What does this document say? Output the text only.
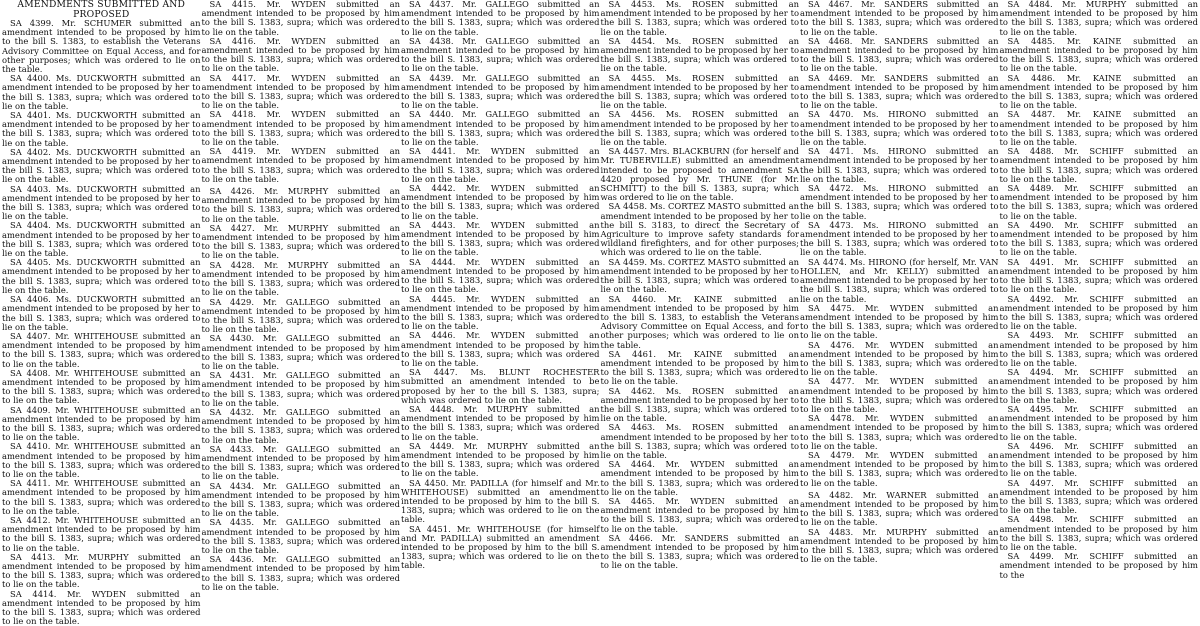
AMENDMENTS SUBMITTED AND PROPOSED

SA 4399. Mr. SCHUMER submitted an amendment intended to be proposed by him to the bill S. 1383, to establish the Veterans Advisory Committee on Equal Access, and for other purposes; which was ordered to lie on the table.

SA 4400. Ms. DUCKWORTH submitted an amendment intended to be proposed by her to the bill S. 1383, supra; which was ordered to lie on the table.

SA 4401. Ms. DUCKWORTH submitted an amendment intended to be proposed by her to the bill S. 1383, supra; which was ordered to lie on the table.

SA 4402. Ms. DUCKWORTH submitted an amendment intended to be proposed by her to the bill S. 1383, supra; which was ordered to lie on the table.

SA 4403. Ms. DUCKWORTH submitted an amendment intended to be proposed by her to the bill S. 1383, supra; which was ordered to lie on the table.

SA 4404. Ms. DUCKWORTH submitted an amendment intended to be proposed by her to the bill S. 1383, supra; which was ordered to lie on the table.

SA 4405. Ms. DUCKWORTH submitted an amendment intended to be proposed by her to the bill S. 1383, supra; which was ordered to lie on the table.

SA 4406. Ms. DUCKWORTH submitted an amendment intended to be proposed by her to the bill S. 1383, supra; which was ordered to lie on the table.

SA 4407. Mr. WHITEHOUSE submitted an amendment intended to be proposed by him to the bill S. 1383, supra; which was ordered to lie on the table.

SA 4408. Mr. WHITEHOUSE submitted an amendment intended to be proposed by him to the bill S. 1383, supra; which was ordered to lie on the table.

SA 4409. Mr. WHITEHOUSE submitted an amendment intended to be proposed by him to the bill S. 1383, supra; which was ordered to lie on the table.

SA 4410. Mr. WHITEHOUSE submitted an amendment intended to be proposed by him to the bill S. 1383, supra; which was ordered to lie on the table.

SA 4411. Mr. WHITEHOUSE submitted an amendment intended to be proposed by him to the bill S. 1383, supra; which was ordered to lie on the table.

SA 4412. Mr. WHITEHOUSE submitted an amendment intended to be proposed by him to the bill S. 1383, supra; which was ordered to lie on the table.

SA 4413. Mr. MURPHY submitted an amendment intended to be proposed by him to the bill S. 1383, supra; which was ordered to lie on the table.

SA 4414. Mr. WYDEN submitted an amendment intended to be proposed by him to the bill S. 1383, supra; which was ordered to lie on the table.

SA 4415. Mr. WYDEN submitted an amendment intended to be proposed by him to the bill S. 1383, supra; which was ordered to lie on the table.

SA 4416. Mr. WYDEN submitted an amendment intended to be proposed by him to the bill S. 1383, supra; which was ordered to lie on the table.

SA 4417. Mr. WYDEN submitted an amendment intended to be proposed by him to the bill S. 1383, supra; which was ordered to lie on the table.

SA 4418. Mr. WYDEN submitted an amendment intended to be proposed by him to the bill S. 1383, supra; which was ordered to lie on the table.

SA 4419. Mr. WYDEN submitted an amendment intended to be proposed by him to the bill S. 1383, supra; which was ordered to lie on the table.

SA 4426. Mr. MURPHY submitted an amendment intended to be proposed by him to the bill S. 1383, supra; which was ordered to lie on the table.

SA 4427. Mr. MURPHY submitted an amendment intended to be proposed by him to the bill S. 1383, supra; which was ordered to lie on the table.

SA 4428. Mr. MURPHY submitted an amendment intended to be proposed by him to the bill S. 1383, supra; which was ordered to lie on the table.

SA 4429. Mr. GALLEGO submitted an amendment intended to be proposed by him to the bill S. 1383, supra; which was ordered to lie on the table.

SA 4430. Mr. GALLEGO submitted an amendment intended to be proposed by him to the bill S. 1383, supra; which was ordered to lie on the table.

SA 4431. Mr. GALLEGO submitted an amendment intended to be proposed by him to the bill S. 1383, supra; which was ordered to lie on the table.

SA 4432. Mr. GALLEGO submitted an amendment intended to be proposed by him to the bill S. 1383, supra; which was ordered to lie on the table.

SA 4433. Mr. GALLEGO submitted an amendment intended to be proposed by him to the bill S. 1383, supra; which was ordered to lie on the table.

SA 4434. Mr. GALLEGO submitted an amendment intended to be proposed by him to the bill S. 1383, supra; which was ordered to lie on the table.

SA 4435. Mr. GALLEGO submitted an amendment intended to be proposed by him to the bill S. 1383, supra; which was ordered to lie on the table.

SA 4436. Mr. GALLEGO submitted an amendment intended to be proposed by him to the bill S. 1383, supra; which was ordered to lie on the table.

SA 4437. Mr. GALLEGO submitted an amendment intended to be proposed by him to the bill S. 1383, supra; which was ordered to lie on the table.

SA 4438. Mr. GALLEGO submitted an amendment intended to be proposed by him to the bill S. 1383, supra; which was ordered to lie on the table.

SA 4439. Mr. GALLEGO submitted an amendment intended to be proposed by him to the bill S. 1383, supra; which was ordered to lie on the table.

SA 4440. Mr. GALLEGO submitted an amendment intended to be proposed by him to the bill S. 1383, supra; which was ordered to lie on the table.

SA 4441. Mr. WYDEN submitted an amendment intended to be proposed by him to the bill S. 1383, supra; which was ordered to lie on the table.

SA 4442. Mr. WYDEN submitted an amendment intended to be proposed by him to the bill S. 1383, supra; which was ordered to lie on the table.

SA 4443. Mr. WYDEN submitted an amendment intended to be proposed by him to the bill S. 1383, supra; which was ordered to lie on the table.

SA 4444. Mr. WYDEN submitted an amendment intended to be proposed by him to the bill S. 1383, supra; which was ordered to lie on the table.

SA 4445. Mr. WYDEN submitted an amendment intended to be proposed by him to the bill S. 1383, supra; which was ordered to lie on the table.

SA 4446. Mr. WYDEN submitted an amendment intended to be proposed by him to the bill S. 1383, supra; which was ordered to lie on the table.

SA 4447. Ms. BLUNT ROCHESTER submitted an amendment intended to be proposed by her to the bill S. 1383, supra; which was ordered to lie on the table.

SA 4448. Mr. MURPHY submitted an amendment intended to be proposed by him to the bill S. 1383, supra; which was ordered to lie on the table.

SA 4449. Mr. MURPHY submitted an amendment intended to be proposed by him to the bill S. 1383, supra; which was ordered to lie on the table.

SA 4450. Mr. PADILLA (for himself and Mr. WHITEHOUSE) submitted an amendment intended to be proposed by him to the bill S. 1383, supra; which was ordered to lie on the table.

SA 4451. Mr. WHITEHOUSE (for himself and Mr. PADILLA) submitted an amendment intended to be proposed by him to the bill S. 1383, supra; which was ordered to lie on the table.

SA 4453. Ms. ROSEN submitted an amendment intended to be proposed by her to the bill S. 1383, supra; which was ordered to lie on the table.

SA 4454. Ms. ROSEN submitted an amendment intended to be proposed by her to the bill S. 1383, supra; which was ordered to lie on the table.

SA 4455. Ms. ROSEN submitted an amendment intended to be proposed by her to the bill S. 1383, supra; which was ordered to lie on the table.

SA 4456. Ms. ROSEN submitted an amendment intended to be proposed by her to the bill S. 1383, supra; which was ordered to lie on the table.

SA 4457. Mrs. BLACKBURN (for herself and Mr. TUBERVILLE) submitted an amendment intended to be proposed to amendment SA 4420 proposed by Mr. THUNE (for Mr. SCHMITT) to the bill S. 1383, supra; which was ordered to lie on the table.

SA 4458. Ms. CORTEZ MASTO submitted an amendment intended to be proposed by her to the bill S. 3183, to direct the Secretary of Agriculture to improve safety standards for wildland firefighters, and for other purposes; which was ordered to lie on the table.

SA 4459. Ms. CORTEZ MASTO submitted an amendment intended to be proposed by her to the bill S. 1383, supra; which was ordered to lie on the table.

SA 4460. Mr. KAINE submitted an amendment intended to be proposed by him to the bill S. 1383, to establish the Veterans Advisory Committee on Equal Access, and for other purposes; which was ordered to lie on the table.

SA 4461. Mr. KAINE submitted an amendment intended to be proposed by him to the bill S. 1383, supra; which was ordered to lie on the table.

SA 4462. Ms. ROSEN submitted an amendment intended to be proposed by her to the bill S. 1383, supra; which was ordered to lie on the table.

SA 4463. Ms. ROSEN submitted an amendment intended to be proposed by her to the bill S. 1383, supra; which was ordered to lie on the table.

SA 4464. Mr. WYDEN submitted an amendment intended to be proposed by him to the bill S. 1383, supra; which was ordered to lie on the table.

SA 4465. Mr. WYDEN submitted an amendment intended to be proposed by him to the bill S. 1383, supra; which was ordered to lie on the table.

SA 4466. Mr. SANDERS submitted an amendment intended to be proposed by him to the bill S. 1383, supra; which was ordered to lie on the table.

SA 4467. Mr. SANDERS submitted an amendment intended to be proposed by him to the bill S. 1383, supra; which was ordered to lie on the table.

SA 4468. Mr. SANDERS submitted an amendment intended to be proposed by him to the bill S. 1383, supra; which was ordered to lie on the table.

SA 4469. Mr. SANDERS submitted an amendment intended to be proposed by him to the bill S. 1383, supra; which was ordered to lie on the table.

SA 4470. Ms. HIRONO submitted an amendment intended to be proposed by her to the bill S. 1383, supra; which was ordered to lie on the table.

SA 4471. Ms. HIRONO submitted an amendment intended to be proposed by her to the bill S. 1383, supra; which was ordered to lie on the table.

SA 4472. Ms. HIRONO submitted an amendment intended to be proposed by her to the bill S. 1383, supra; which was ordered to lie on the table.

SA 4473. Ms. HIRONO submitted an amendment intended to be proposed by her to the bill S. 1383, supra; which was ordered to lie on the table.

SA 4474. Ms. HIRONO (for herself, Mr. VAN HOLLEN, and Mr. KELLY) submitted an amendment intended to be proposed by her to the bill S. 1383, supra; which was ordered to lie on the table.

SA 4475. Mr. WYDEN submitted an amendment intended to be proposed by him to the bill S. 1383, supra; which was ordered to lie on the table.

SA 4476. Mr. WYDEN submitted an amendment intended to be proposed by him to the bill S. 1383, supra; which was ordered to lie on the table.

SA 4477. Mr. WYDEN submitted an amendment intended to be proposed by him to the bill S. 1383, supra; which was ordered to lie on the table.

SA 4478. Mr. WYDEN submitted an amendment intended to be proposed by him to the bill S. 1383, supra; which was ordered to lie on the table.

SA 4479. Mr. WYDEN submitted an amendment intended to be proposed by him to the bill S. 1383, supra; which was ordered to lie on the table.

SA 4482. Mr. WARNER submitted an amendment intended to be proposed by him to the bill S. 1383, supra; which was ordered to lie on the table.

SA 4483. Mr. MURPHY submitted an amendment intended to be proposed by him to the bill S. 1383, supra; which was ordered to lie on the table.

SA 4484. Mr. MURPHY submitted an amendment intended to be proposed by him to the bill S. 1383, supra; which was ordered to lie on the table.

SA 4485. Mr. KAINE submitted an amendment intended to be proposed by him to the bill S. 1383, supra; which was ordered to lie on the table.

SA 4486. Mr. KAINE submitted an amendment intended to be proposed by him to the bill S. 1383, supra; which was ordered to lie on the table.

SA 4487. Mr. KAINE submitted an amendment intended to be proposed by him to the bill S. 1383, supra; which was ordered to lie on the table.

SA 4488. Mr. SCHIFF submitted an amendment intended to be proposed by him to the bill S. 1383, supra; which was ordered to lie on the table.

SA 4489. Mr. SCHIFF submitted an amendment intended to be proposed by him to the bill S. 1383, supra; which was ordered to lie on the table.

SA 4490. Mr. SCHIFF submitted an amendment intended to be proposed by him to the bill S. 1383, supra; which was ordered to lie on the table.

SA 4491. Mr. SCHIFF submitted an amendment intended to be proposed by him to the bill S. 1383, supra; which was ordered to lie on the table.

SA 4492. Mr. SCHIFF submitted an amendment intended to be proposed by him to the bill S. 1383, supra; which was ordered to lie on the table.

SA 4493. Mr. SCHIFF submitted an amendment intended to be proposed by him to the bill S. 1383, supra; which was ordered to lie on the table.

SA 4494. Mr. SCHIFF submitted an amendment intended to be proposed by him to the bill S. 1383, supra; which was ordered to lie on the table.

SA 4495. Mr. SCHIFF submitted an amendment intended to be proposed by him to the bill S. 1383, supra; which was ordered to lie on the table.

SA 4496. Mr. SCHIFF submitted an amendment intended to be proposed by him to the bill S. 1383, supra; which was ordered to lie on the table.

SA 4497. Mr. SCHIFF submitted an amendment intended to be proposed by him to the bill S. 1383, supra; which was ordered to lie on the table.

SA 4498. Mr. SCHIFF submitted an amendment intended to be proposed by him to the bill S. 1383, supra; which was ordered to lie on the table.

SA 4499. Mr. SCHIFF submitted an amendment intended to be proposed by him to the
